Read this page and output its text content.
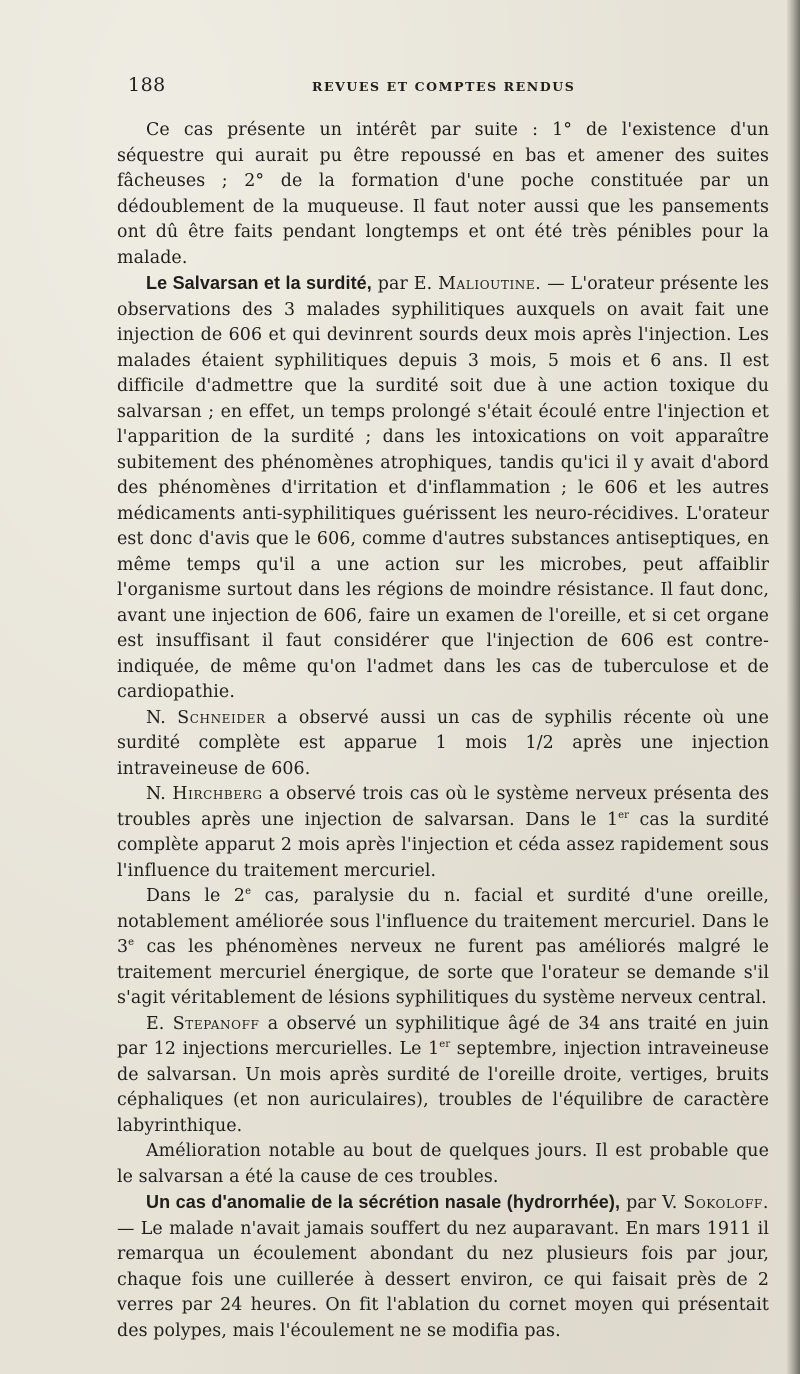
188	REVUES ET COMPTES RENDUS

Ce cas présente un intérêt par suite : 1° de l'existence d'un séquestre qui aurait pu être repoussé en bas et amener des suites fâcheuses ; 2° de la formation d'une poche constituée par un dédoublement de la muqueuse. Il faut noter aussi que les pansements ont dû être faits pendant longtemps et ont été très pénibles pour la malade.

Le Salvarsan et la surdité, par E. Malioutine. — L'orateur présente les observations des 3 malades syphilitiques auxquels on avait fait une injection de 606 et qui devinrent sourds deux mois après l'injection. Les malades étaient syphilitiques depuis 3 mois, 5 mois et 6 ans. Il est difficile d'admettre que la surdité soit due à une action toxique du salvarsan ; en effet, un temps prolongé s'était écoulé entre l'injection et l'apparition de la surdité ; dans les intoxications on voit apparaître subitement des phénomènes atrophiques, tandis qu'ici il y avait d'abord des phénomènes d'irritation et d'inflammation ; le 606 et les autres médicaments anti-syphilitiques guérissent les neuro-récidives. L'orateur est donc d'avis que le 606, comme d'autres substances antiseptiques, en même temps qu'il a une action sur les microbes, peut affaiblir l'organisme surtout dans les régions de moindre résistance. Il faut donc, avant une injection de 606, faire un examen de l'oreille, et si cet organe est insuffisant il faut considérer que l'injection de 606 est contre-indiquée, de même qu'on l'admet dans les cas de tuberculose et de cardiopathie.

N. Schneider a observé aussi un cas de syphilis récente où une surdité complète est apparue 1 mois 1/2 après une injection intraveineuse de 606.

N. Hirchberg a observé trois cas où le système nerveux présenta des troubles après une injection de salvarsan. Dans le 1er cas la surdité complète apparut 2 mois après l'injection et céda assez rapidement sous l'influence du traitement mercuriel.

Dans le 2e cas, paralysie du n. facial et surdité d'une oreille, notablement améliorée sous l'influence du traitement mercuriel. Dans le 3e cas les phénomènes nerveux ne furent pas améliorés malgré le traitement mercuriel énergique, de sorte que l'orateur se demande s'il s'agit véritablement de lésions syphilitiques du système nerveux central.

E. Stepanoff a observé un syphilitique âgé de 34 ans traité en juin par 12 injections mercurielles. Le 1er septembre, injection intraveineuse de salvarsan. Un mois après surdité de l'oreille droite, vertiges, bruits céphaliques (et non auriculaires), troubles de l'équilibre de caractère labyrinthique.

Amélioration notable au bout de quelques jours. Il est probable que le salvarsan a été la cause de ces troubles.

Un cas d'anomalie de la sécrétion nasale (hydrorrhée), par V. Sokoloff. — Le malade n'avait jamais souffert du nez auparavant. En mars 1911 il remarqua un écoulement abondant du nez plusieurs fois par jour, chaque fois une cuillerée à dessert environ, ce qui faisait près de 2 verres par 24 heures. On fit l'ablation du cornet moyen qui présentait des polypes, mais l'écoulement ne se modifia pas.
